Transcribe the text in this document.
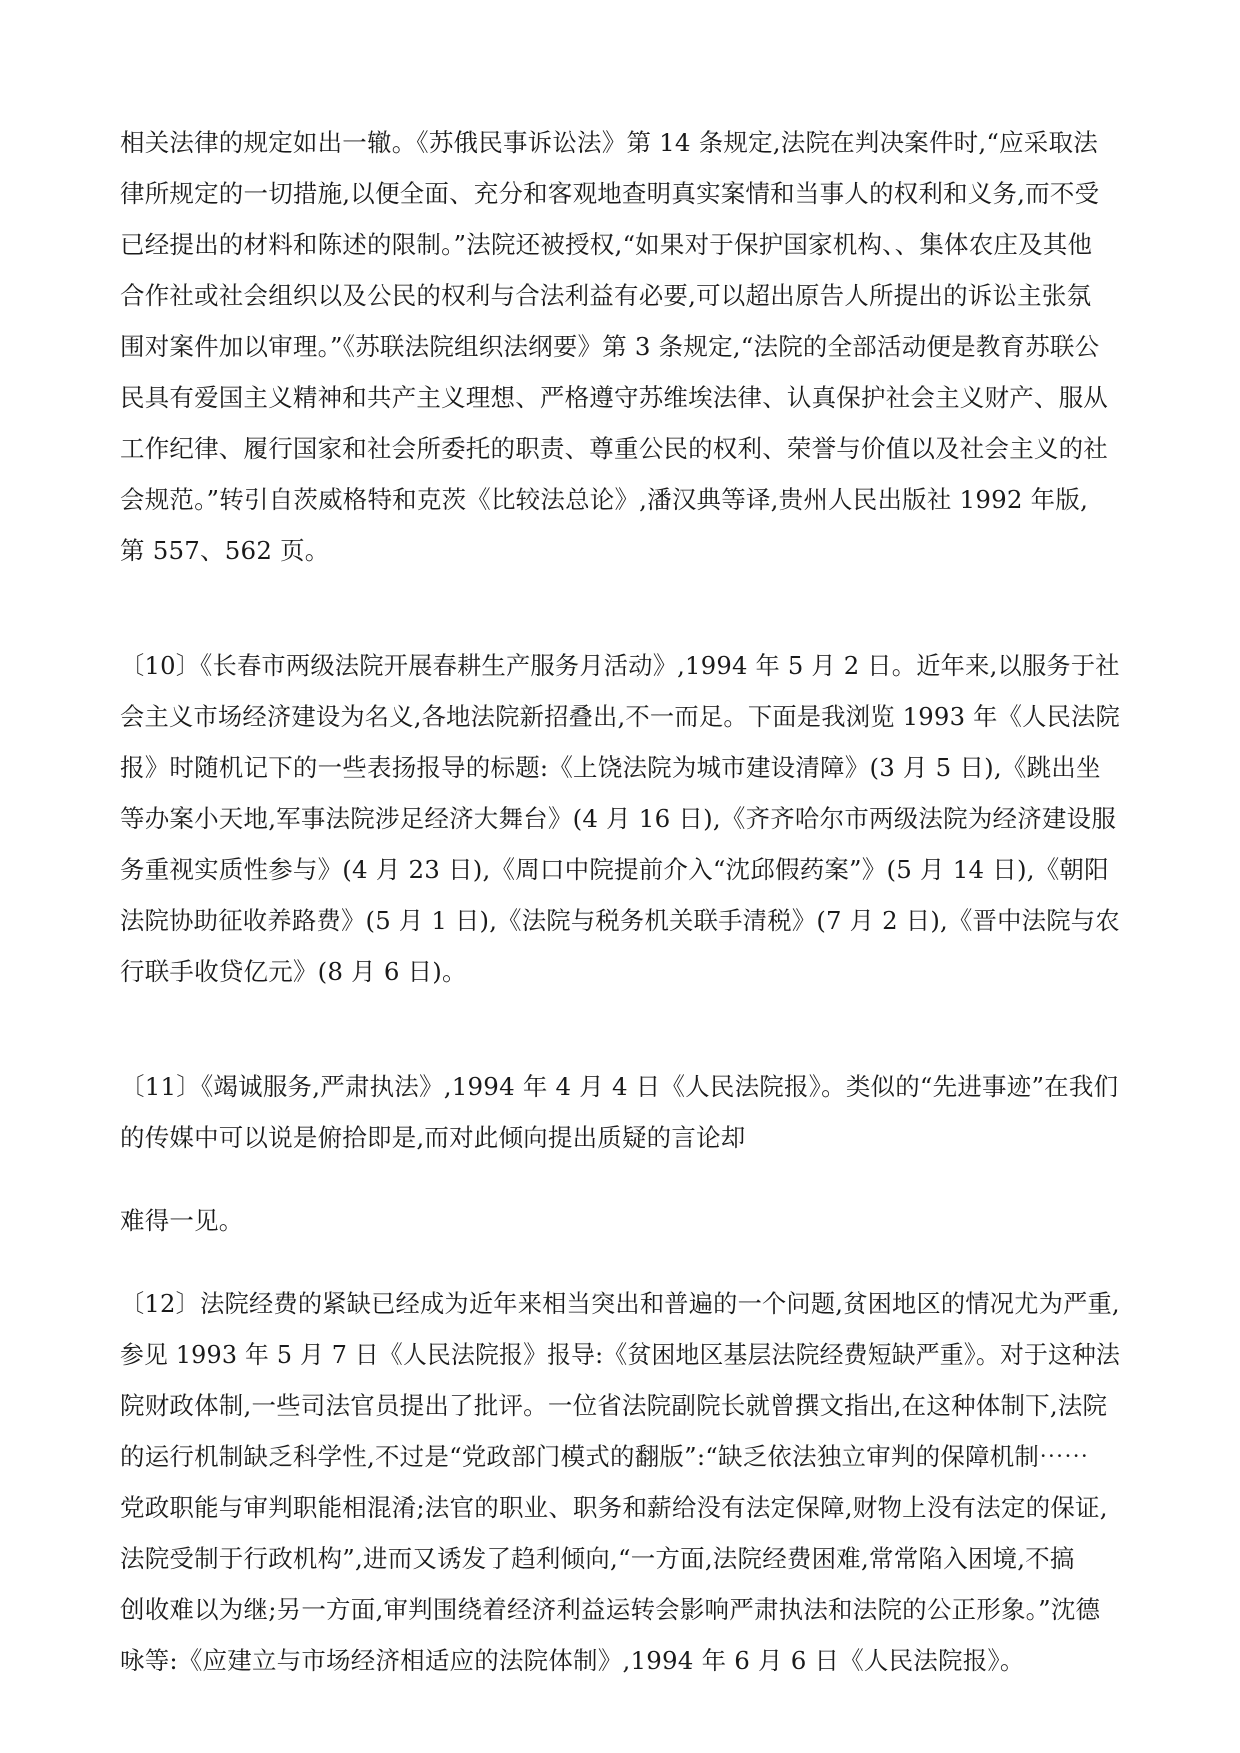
相关法律的规定如出一辙。《苏俄民事诉讼法》第 14 条规定,法院在判决案件时,“应采取法
律所规定的一切措施,以便全面、充分和客观地查明真实案情和当事人的权利和义务,而不受
已经提出的材料和陈述的限制。”法院还被授权,“如果对于保护国家机构、、集体农庄及其他
合作社或社会组织以及公民的权利与合法利益有必要,可以超出原告人所提出的诉讼主张氛
围对案件加以审理。”《苏联法院组织法纲要》第 3 条规定,“法院的全部活动便是教育苏联公
民具有爱国主义精神和共产主义理想、严格遵守苏维埃法律、认真保护社会主义财产、服从
工作纪律、履行国家和社会所委托的职责、尊重公民的权利、荣誉与价值以及社会主义的社
会规范。”转引自茨威格特和克茨《比较法总论》,潘汉典等译,贵州人民出版社 1992 年版,
第 557、562 页。
〔10〕《长春市两级法院开展春耕生产服务月活动》,1994 年 5 月 2 日。近年来,以服务于社
会主义市场经济建设为名义,各地法院新招叠出,不一而足。下面是我浏览 1993 年《人民法院
报》时随机记下的一些表扬报导的标题:《上饶法院为城市建设清障》(3 月 5 日),《跳出坐
等办案小天地,军事法院涉足经济大舞台》(4 月 16 日),《齐齐哈尔市两级法院为经济建设服
务重视实质性参与》(4 月 23 日),《周口中院提前介入“沈邱假药案”》(5 月 14 日),《朝阳
法院协助征收养路费》(5 月 1 日),《法院与税务机关联手清税》(7 月 2 日),《晋中法院与农
行联手收贷亿元》(8 月 6 日)。
〔11〕《竭诚服务,严肃执法》,1994 年 4 月 4 日《人民法院报》。类似的“先进事迹”在我们
的传媒中可以说是俯拾即是,而对此倾向提出质疑的言论却
难得一见。
〔12〕法院经费的紧缺已经成为近年来相当突出和普遍的一个问题,贫困地区的情况尤为严重,
参见 1993 年 5 月 7 日《人民法院报》报导:《贫困地区基层法院经费短缺严重》。对于这种法
院财政体制,一些司法官员提出了批评。一位省法院副院长就曾撰文指出,在这种体制下,法院
的运行机制缺乏科学性,不过是“党政部门模式的翻版”:“缺乏依法独立审判的保障机制⋯⋯
党政职能与审判职能相混淆;法官的职业、职务和薪给没有法定保障,财物上没有法定的保证,
法院受制于行政机构”,进而又诱发了趋利倾向,“一方面,法院经费困难,常常陷入困境,不搞
创收难以为继;另一方面,审判围绕着经济利益运转会影响严肃执法和法院的公正形象。”沈德
咏等:《应建立与市场经济相适应的法院体制》,1994 年 6 月 6 日《人民法院报》。
